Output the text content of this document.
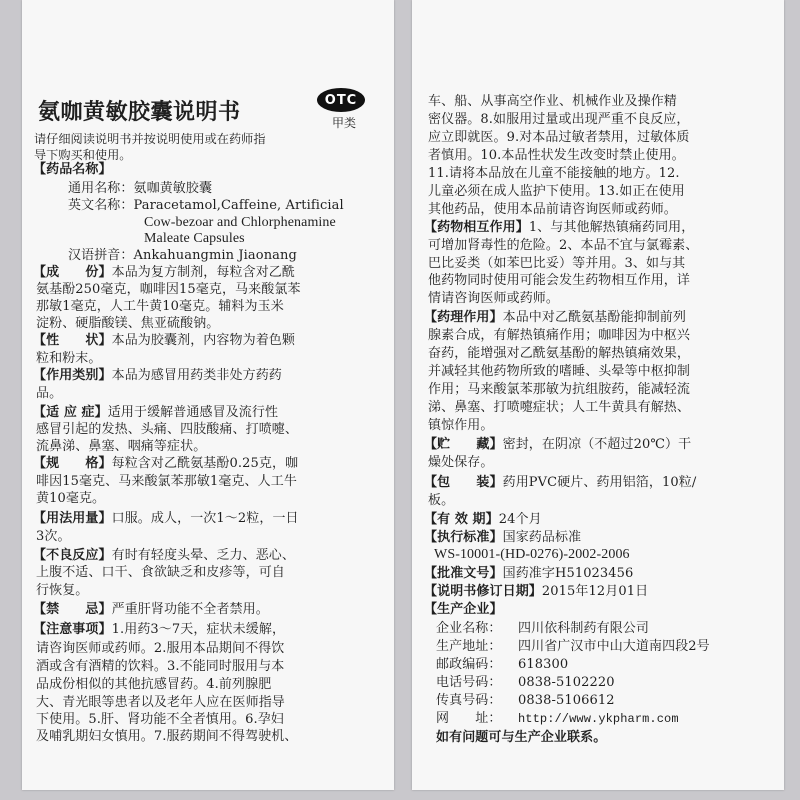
氨咖黄敏胶囊说明书	OTC
甲类
请仔细阅读说明书并按说明使用或在药师指
导下购买和使用。
【药品名称】
通用名称：氨咖黄敏胶囊
英文名称：Paracetamol,Caffeine, Artificial
Cow-bezoar and Chlorphenamine
Maleate Capsules
汉语拼音：Ankahuangmin Jiaonang
【成　　份】本品为复方制剂，每粒含对乙酰
氨基酚250毫克，咖啡因15毫克，马来酸氯苯
那敏1毫克，人工牛黄10毫克。辅料为玉米
淀粉、硬脂酸镁、焦亚硫酸钠。
【性　　状】本品为胶囊剂，内容物为着色颗
粒和粉末。
【作用类别】本品为感冒用药类非处方药药
品。
【适 应 症】适用于缓解普通感冒及流行性
感冒引起的发热、头痛、四肢酸痛、打喷嚏、
流鼻涕、鼻塞、咽痛等症状。
【规　　格】每粒含对乙酰氨基酚0.25克，咖
啡因15毫克、马来酸氯苯那敏1毫克、人工牛
黄10毫克。
【用法用量】口服。成人，一次1～2粒，一日
3次。
【不良反应】有时有轻度头晕、乏力、恶心、
上腹不适、口干、食欲缺乏和皮疹等，可自
行恢复。
【禁　　忌】严重肝肾功能不全者禁用。
【注意事项】1.用药3～7天，症状未缓解，
请咨询医师或药师。2.服用本品期间不得饮
酒或含有酒精的饮料。3.不能同时服用与本
品成份相似的其他抗感冒药。4.前列腺肥
大、青光眼等患者以及老年人应在医师指导
下使用。5.肝、肾功能不全者慎用。6.孕妇
及哺乳期妇女慎用。7.服药期间不得驾驶机、
车、船、从事高空作业、机械作业及操作精
密仪器。8.如服用过量或出现严重不良反应，
应立即就医。9.对本品过敏者禁用，过敏体质
者慎用。10.本品性状发生改变时禁止使用。
11.请将本品放在儿童不能接触的地方。12.
儿童必须在成人监护下使用。13.如正在使用
其他药品，使用本品前请咨询医师或药师。
【药物相互作用】1、与其他解热镇痛药同用，
可增加肾毒性的危险。2、本品不宜与氯霉素、
巴比妥类（如苯巴比妥）等并用。3、如与其
他药物同时使用可能会发生药物相互作用，详
情请咨询医师或药师。
【药理作用】本品中对乙酰氨基酚能抑制前列
腺素合成，有解热镇痛作用；咖啡因为中枢兴
奋药，能增强对乙酰氨基酚的解热镇痛效果，
并减轻其他药物所致的嗜睡、头晕等中枢抑制
作用；马来酸氯苯那敏为抗组胺药，能减轻流
涕、鼻塞、打喷嚏症状；人工牛黄具有解热、
镇惊作用。
【贮　　藏】密封，在阴凉（不超过20℃）干
燥处保存。
【包　　装】药用PVC硬片、药用铝箔，10粒/
板。
【有 效 期】24个月
【执行标准】国家药品标准
WS-10001-(HD-0276)-2002-2006
【批准文号】国药准字H51023456
【说明书修订日期】2015年12月01日
【生产企业】
企业名称： 四川依科制药有限公司
生产地址： 四川省广汉市中山大道南四段2号
邮政编码： 618300
电话号码： 0838-5102220
传真号码： 0838-5106612
网　　址： http://www.ykpharm.com
如有问题可与生产企业联系。
